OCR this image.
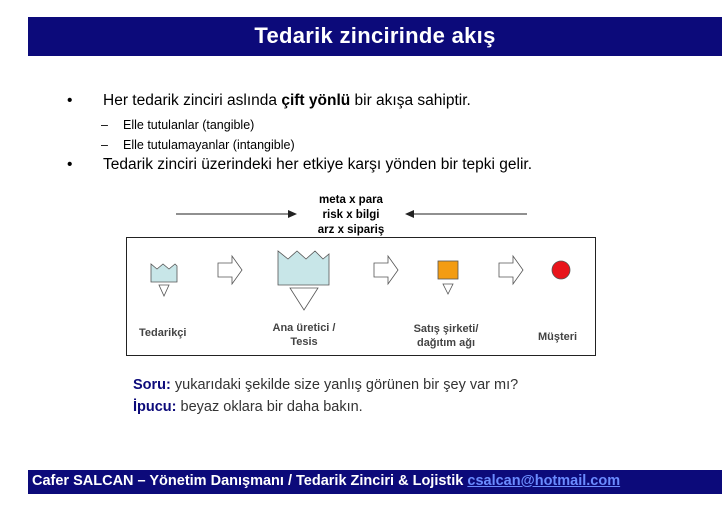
Tedarik zincirinde akış
• Her tedarik zinciri aslında çift yönlü bir akışa sahiptir.
– Elle tutulanlar (tangible)
– Elle tutulamayanlar (intangible)
• Tedarik zinciri üzerindeki her etkiye karşı yönden bir tepki gelir.
meta x para
risk x bilgi
arz x sipariş
Tedarikçi	Ana üretici /
Tesis
Satış şirketi/
dağıtım ağı	Müşteri
Soru: yukarıdaki şekilde size yanlış görünen bir şey var mı?
İpucu: beyaz oklara bir daha bakın.
Cafer SALCAN – Yönetim Danışmanı / Tedarik Zinciri & Lojistik csalcan@hotmail.com
